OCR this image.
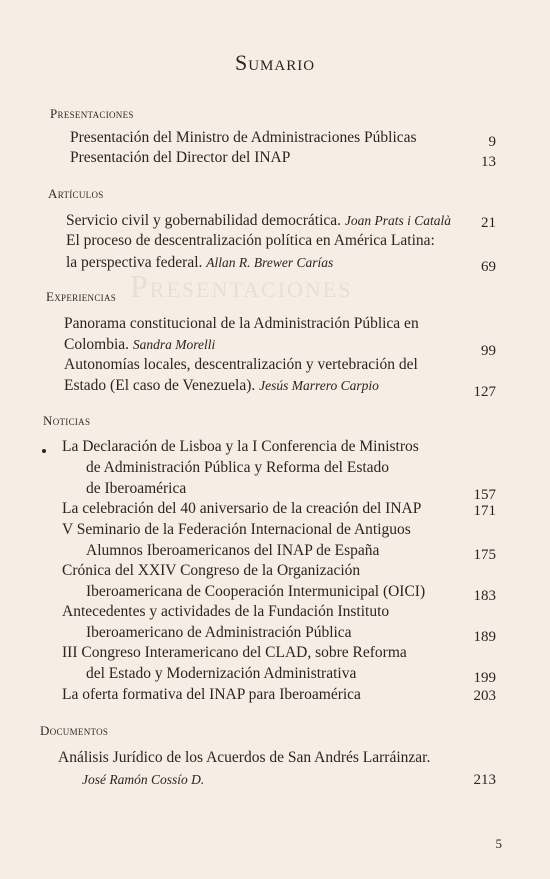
Presentaciones
Sumario
Presentaciones
Presentación del Ministro de Administraciones Públicas	9
Presentación del Director del INAP	13
Artículos
Servicio civil y gobernabilidad democrática. Joan Prats i Català 21
El proceso de descentralización política en América Latina:
la perspectiva federal. Allan R. Brewer Carías	69
Experiencias
Panorama constitucional de la Administración Pública en
Colombia. Sandra Morelli	99
Autonomías locales, descentralización y vertebración del
Estado (El caso de Venezuela). Jesús Marrero Carpio	127
Noticias
La Declaración de Lisboa y la I Conferencia de Ministros
de Administración Pública y Reforma del Estado
de Iberoamérica	157
La celebración del 40 aniversario de la creación del INAP	171
V Seminario de la Federación Internacional de Antiguos
Alumnos Iberoamericanos del INAP de España	175
Crónica del XXIV Congreso de la Organización
Iberoamericana de Cooperación Intermunicipal (OICI)	183
Antecedentes y actividades de la Fundación Instituto
Iberoamericano de Administración Pública	189
III Congreso Interamericano del CLAD, sobre Reforma
del Estado y Modernización Administrativa	199
La oferta formativa del INAP para Iberoamérica	203
Documentos
Análisis Jurídico de los Acuerdos de San Andrés Larráinzar.
José Ramón Cossío D.	213
5
